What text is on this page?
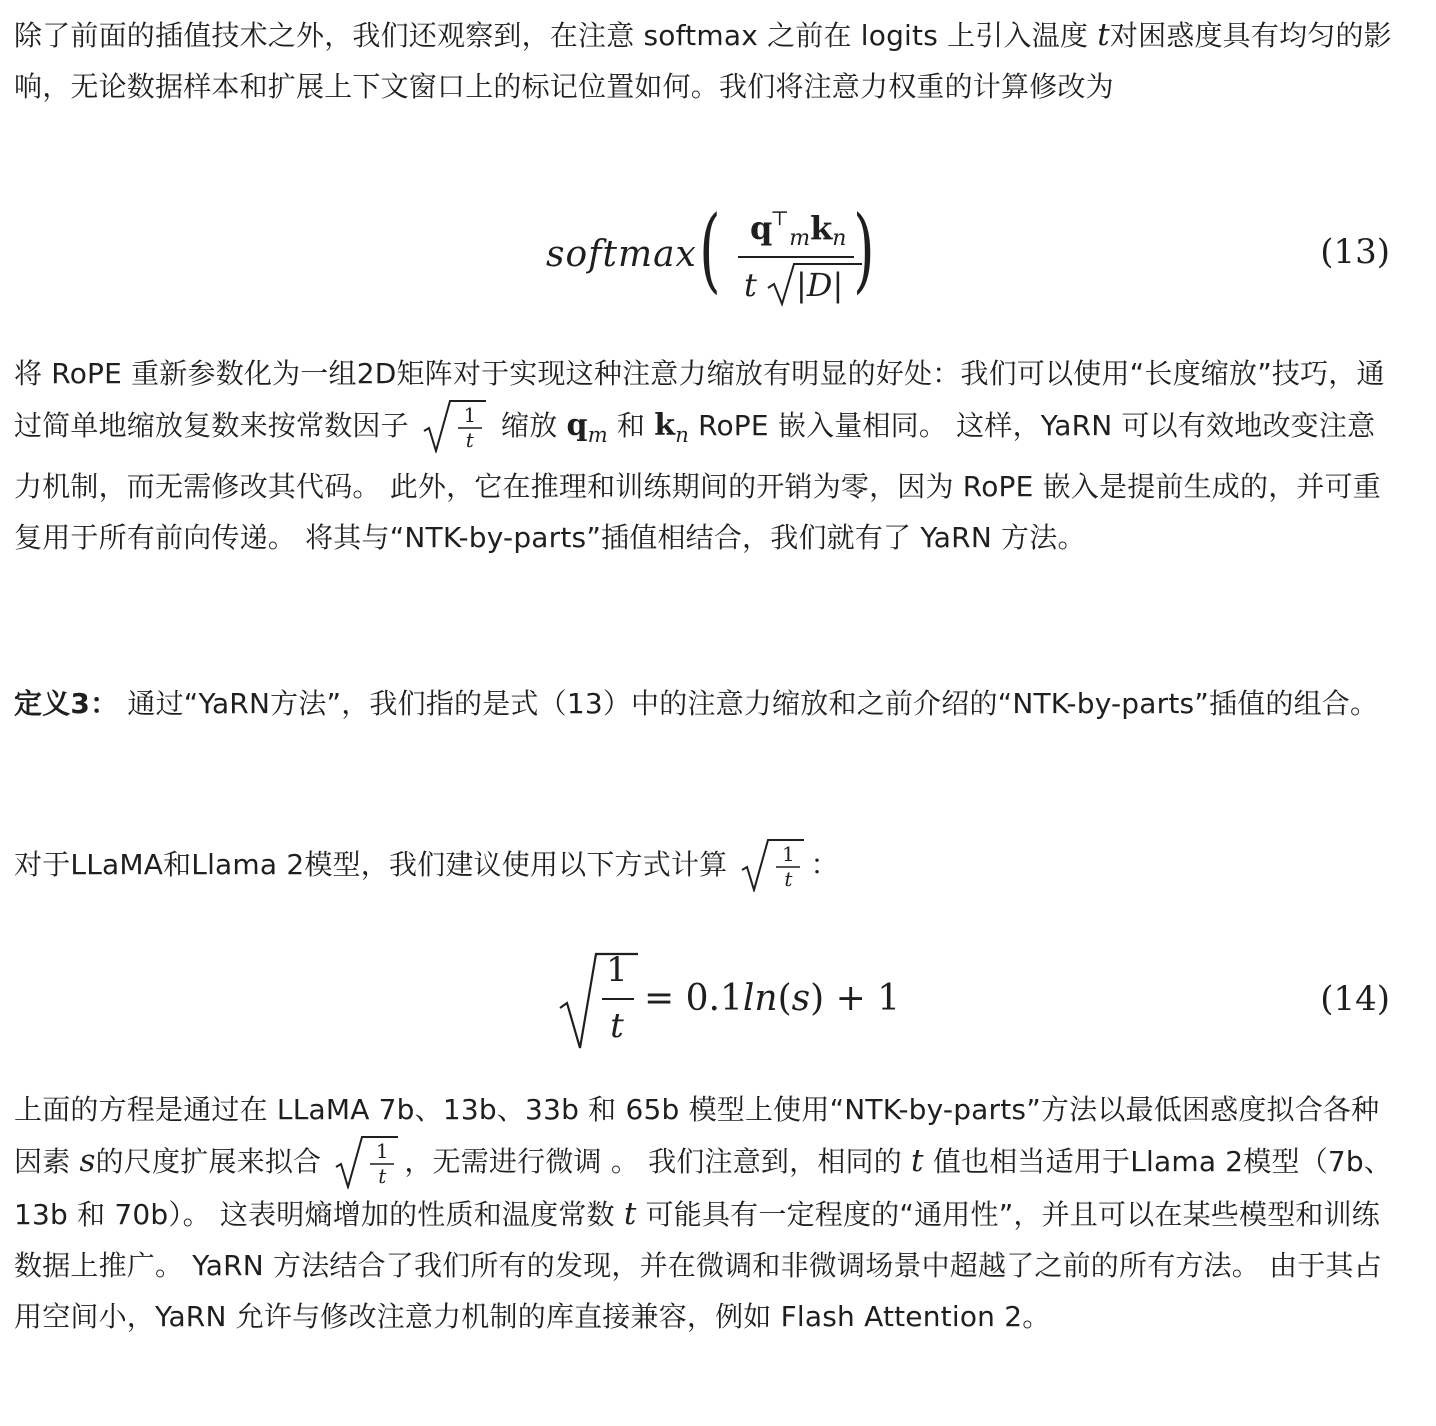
除了前面的插值技术之外，我们还观察到，在注意 softmax 之前在 logits 上引入温度 t对困惑度具有均匀的影响，无论数据样本和扩展上下文窗口上的标记位置如何。我们将注意力权重的计算修改为

softmax ( $q^⊤_mk_n$
t |D| )	(13)

将 RoPE 重新参数化为一组2D矩阵对于实现这种注意力缩放有明显的好处：我们可以使用“长度缩放”技巧，通过简单地缩放复数来按常数因子 1
t 缩放 $q_m$ 和 $k_n$ RoPE 嵌入量相同。 这样，YaRN 可以有效地改变注意力机制，而无需修改其代码。 此外，它在推理和训练期间的开销为零，因为 RoPE 嵌入是提前生成的，并可重复用于所有前向传递。 将其与“NTK-by-parts”插值相结合，我们就有了 YaRN 方法。

定义3： 通过“YaRN方法”，我们指的是式（13）中的注意力缩放和之前介绍的“NTK-by-parts”插值的组合。

对于LLaMA和Llama 2模型，我们建议使用以下方式计算 1
t ：

1
t
= 0.1ln(s) + 1	(14)

上面的方程是通过在 LLaMA 7b、13b、33b 和 65b 模型上使用“NTK-by-parts”方法以最低困惑度拟合各种因素 s的尺度扩展来拟合 1
t ，无需进行微调 。 我们注意到，相同的 t 值也相当适用于Llama 2模型（7b、13b 和 70b）。 这表明熵增加的性质和温度常数 t 可能具有一定程度的“通用性”，并且可以在某些模型和训练数据上推广。 YaRN 方法结合了我们所有的发现，并在微调和非微调场景中超越了之前的所有方法。 由于其占用空间小，YaRN 允许与修改注意力机制的库直接兼容，例如 Flash Attention 2。
